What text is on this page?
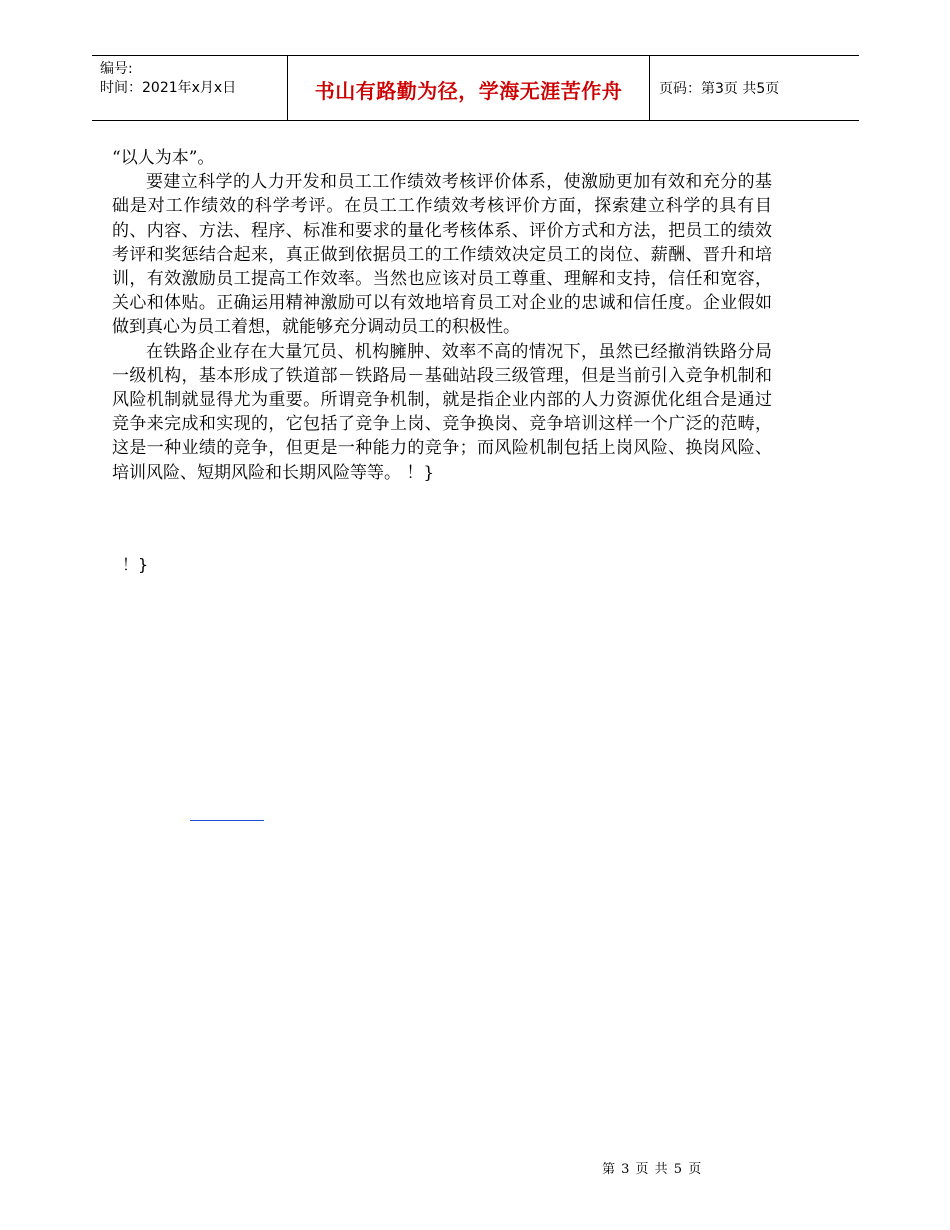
编号:
时间：2021年x月x日	书山有路勤为径，学海无涯苦作舟	页码：第3页 共5页

“以人为本”。

要建立科学的人力开发和员工工作绩效考核评价体系，使激励更加有效和充分的基础是对工作绩效的科学考评。在员工工作绩效考核评价方面，探索建立科学的具有目的、内容、方法、程序、标准和要求的量化考核体系、评价方式和方法，把员工的绩效考评和奖惩结合起来，真正做到依据员工的工作绩效决定员工的岗位、薪酬、晋升和培训，有效激励员工提高工作效率。当然也应该对员工尊重、理解和支持，信任和宽容，关心和体贴。正确运用精神激励可以有效地培育员工对企业的忠诚和信任度。企业假如做到真心为员工着想，就能够充分调动员工的积极性。

在铁路企业存在大量冗员、机构臃肿、效率不高的情况下，虽然已经撤消铁路分局一级机构，基本形成了铁道部－铁路局－基础站段三级管理，但是当前引入竞争机制和风险机制就显得尤为重要。所谓竞争机制，就是指企业内部的人力资源优化组合是通过竞争来完成和实现的，它包括了竞争上岗、竞争换岗、竞争培训这样一个广泛的范畴，这是一种业绩的竞争，但更是一种能力的竞争；而风险机制包括上岗风险、换岗风险、培训风险、短期风险和长期风险等等。 ！}

！}
第 3 页 共 5 页
